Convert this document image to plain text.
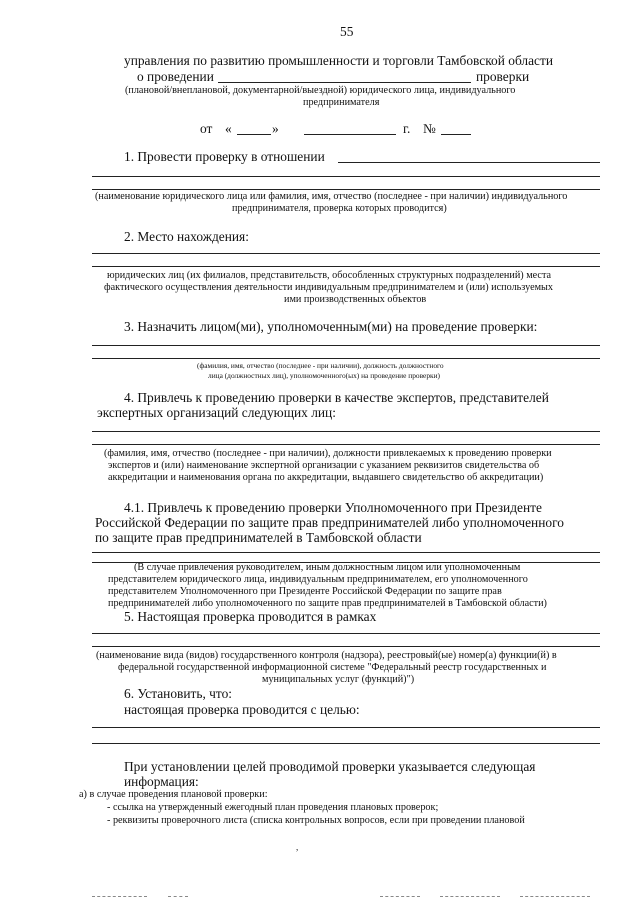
55
управления по развитию промышленности и торговли Тамбовской области
о проведении	проверки
(плановой/внеплановой, документарной/выездной) юридического лица, индивидуального
предпринимателя
от «	»	г. №
1. Провести проверку в отношении
(наименование юридического лица или фамилия, имя, отчество (последнее - при наличии) индивидуального
предпринимателя, проверка которых проводится)
2. Место нахождения:
юридических лиц (их филиалов, представительств, обособленных структурных подразделений) места
фактического осуществления деятельности индивидуальным предпринимателем и (или) используемых
ими производственных объектов
3. Назначить лицом(ми), уполномоченным(ми) на проведение проверки:
(фамилия, имя, отчество (последнее - при наличии), должность должностного
лица (должностных лиц), уполномоченного(ых) на проведение проверки)
4. Привлечь к проведению проверки в качестве экспертов, представителей
экспертных организаций следующих лиц:
(фамилия, имя, отчество (последнее - при наличии), должности привлекаемых к проведению проверки
экспертов и (или) наименование экспертной организации с указанием реквизитов свидетельства об
аккредитации и наименования органа по аккредитации, выдавшего свидетельство об аккредитации)
4.1. Привлечь к проведению проверки Уполномоченного при Президенте
Российской Федерации по защите прав предпринимателей либо уполномоченного
по защите прав предпринимателей в Тамбовской области
(В случае привлечения руководителем, иным должностным лицом или уполномоченным
представителем юридического лица, индивидуальным предпринимателем, его уполномоченного
представителем Уполномоченного при Президенте Российской Федерации по защите прав
предпринимателей либо уполномоченного по защите прав предпринимателей в Тамбовской области)
5. Настоящая проверка проводится в рамках
(наименование вида (видов) государственного контроля (надзора), реестровый(ые) номер(а) функции(й) в
федеральной государственной информационной системе "Федеральный реестр государственных и
муниципальных услуг (функций)")
6. Установить, что:
настоящая проверка проводится с целью:
При установлении целей проводимой проверки указывается следующая
информация:
а) в случае проведения плановой проверки:
- ссылка на утвержденный ежегодный план проведения плановых проверок;
- реквизиты проверочного листа (списка контрольных вопросов, если при проведении плановой
,
